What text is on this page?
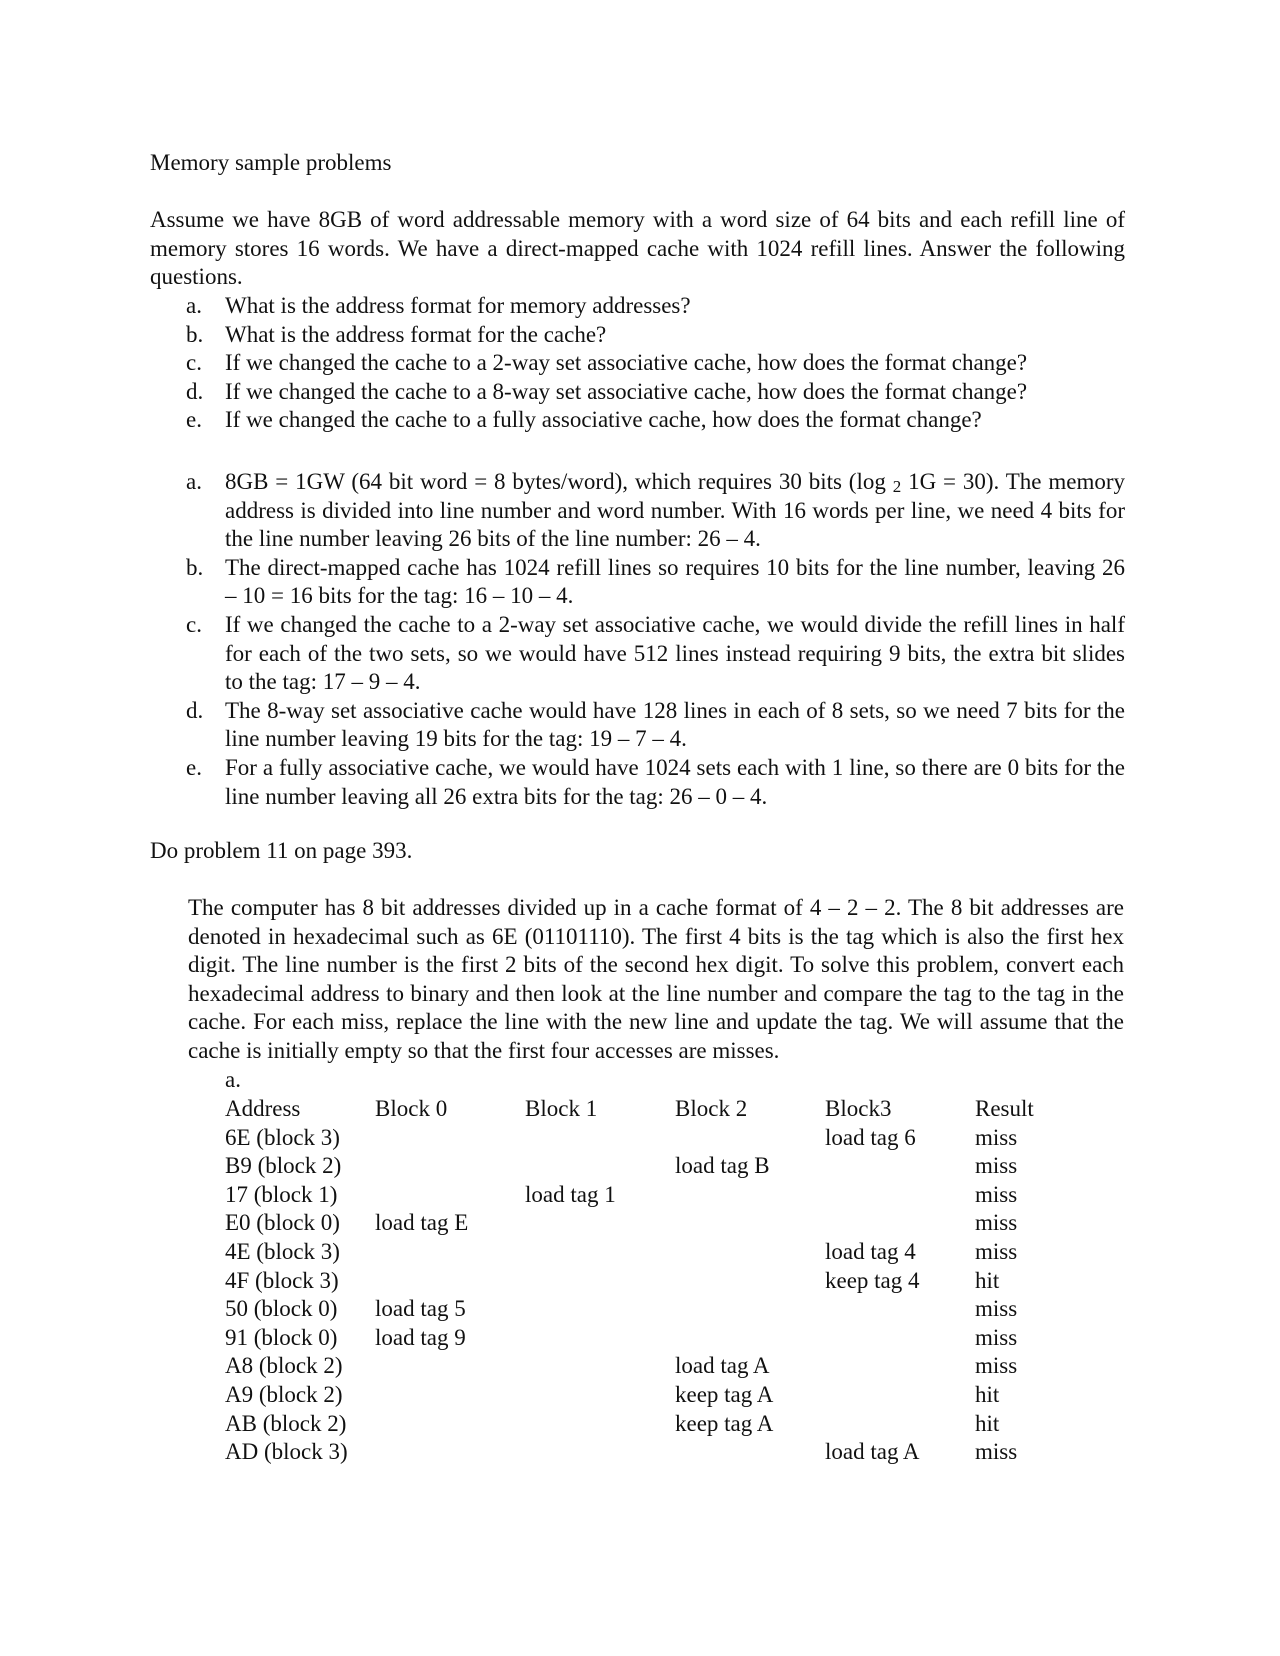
Memory sample problems
Assume we have 8GB of word addressable memory with a word size of 64 bits and each refill line of memory stores 16 words. We have a direct-mapped cache with 1024 refill lines. Answer the following questions.
a. What is the address format for memory addresses?
b. What is the address format for the cache?
c. If we changed the cache to a 2-way set associative cache, how does the format change?
d. If we changed the cache to a 8-way set associative cache, how does the format change?
e. If we changed the cache to a fully associative cache, how does the format change?
a. 8GB = 1GW (64 bit word = 8 bytes/word), which requires 30 bits (log $_2$ 1G = 30). The memory address is divided into line number and word number. With 16 words per line, we need 4 bits for the line number leaving 26 bits of the line number: 26 – 4.
b. The direct-mapped cache has 1024 refill lines so requires 10 bits for the line number, leaving 26 – 10 = 16 bits for the tag: 16 – 10 – 4.
c. If we changed the cache to a 2-way set associative cache, we would divide the refill lines in half for each of the two sets, so we would have 512 lines instead requiring 9 bits, the extra bit slides to the tag: 17 – 9 – 4.
d. The 8-way set associative cache would have 128 lines in each of 8 sets, so we need 7 bits for the line number leaving 19 bits for the tag: 19 – 7 – 4.
e. For a fully associative cache, we would have 1024 sets each with 1 line, so there are 0 bits for the line number leaving all 26 extra bits for the tag: 26 – 0 – 4.
Do problem 11 on page 393.
The computer has 8 bit addresses divided up in a cache format of 4 – 2 – 2. The 8 bit addresses are denoted in hexadecimal such as 6E (01101110). The first 4 bits is the tag which is also the first hex digit. The line number is the first 2 bits of the second hex digit. To solve this problem, convert each hexadecimal address to binary and then look at the line number and compare the tag to the tag in the cache. For each miss, replace the line with the new line and update the tag. We will assume that the cache is initially empty so that the first four accesses are misses.
a.
Address	Block 0	Block 1	Block 2	Block3	Result
6E (block 3)				load tag 6	miss
B9 (block 2)			load tag B		miss
17 (block 1)		load tag 1			miss
E0 (block 0)	load tag E				miss
4E (block 3)				load tag 4	miss
4F (block 3)				keep tag 4	hit
50 (block 0)	load tag 5				miss
91 (block 0)	load tag 9				miss
A8 (block 2)			load tag A		miss
A9 (block 2)			keep tag A		hit
AB (block 2)			keep tag A		hit
AD (block 3)				load tag A	miss
